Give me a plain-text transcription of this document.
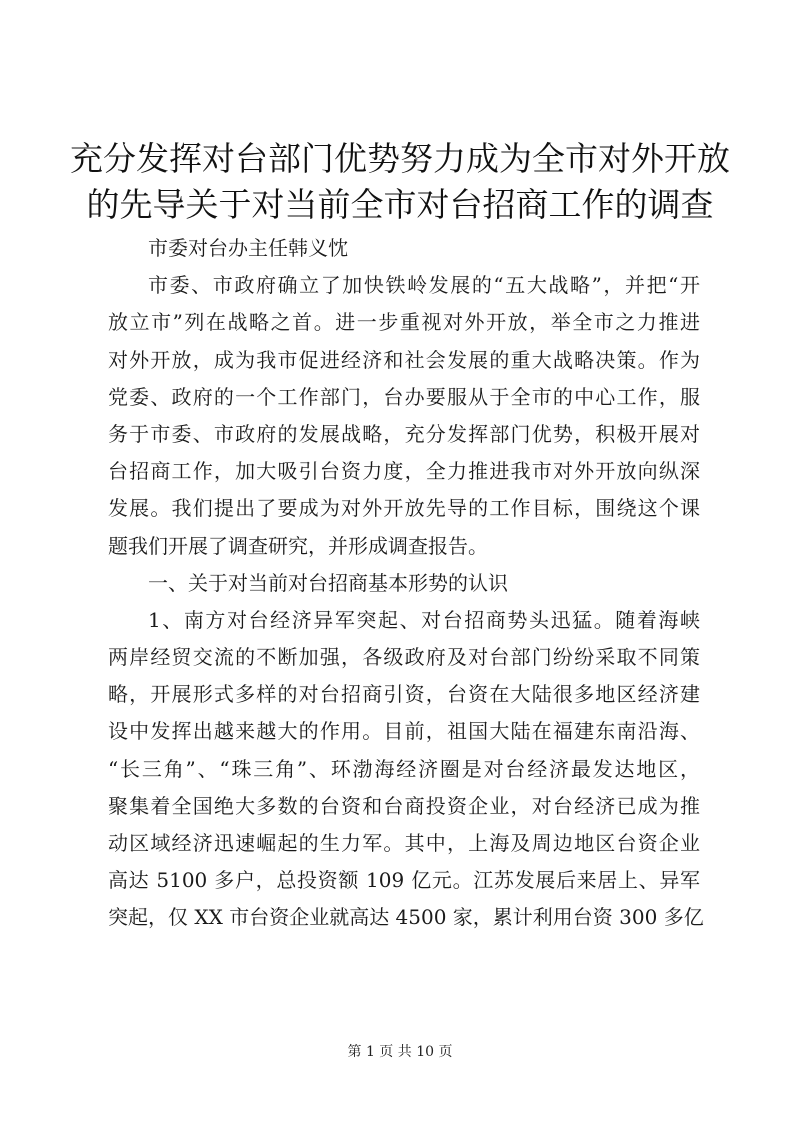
充分发挥对台部门优势努力成为全市对外开放
的先导关于对当前全市对台招商工作的调查

市委对台办主任韩义忱

市委、市政府确立了加快铁岭发展的“五大战略”，并把“开
放立市”列在战略之首。进一步重视对外开放，举全市之力推进
对外开放，成为我市促进经济和社会发展的重大战略决策。作为
党委、政府的一个工作部门，台办要服从于全市的中心工作，服
务于市委、市政府的发展战略，充分发挥部门优势，积极开展对
台招商工作，加大吸引台资力度，全力推进我市对外开放向纵深
发展。我们提出了要成为对外开放先导的工作目标，围绕这个课
题我们开展了调查研究，并形成调查报告。

一、关于对当前对台招商基本形势的认识

1、南方对台经济异军突起、对台招商势头迅猛。随着海峡
两岸经贸交流的不断加强，各级政府及对台部门纷纷采取不同策
略，开展形式多样的对台招商引资，台资在大陆很多地区经济建
设中发挥出越来越大的作用。目前，祖国大陆在福建东南沿海、
“长三角”、“珠三角”、环渤海经济圈是对台经济最发达地区，
聚集着全国绝大多数的台资和台商投资企业，对台经济已成为推
动区域经济迅速崛起的生力军。其中，上海及周边地区台资企业
高达 5100 多户，总投资额 109 亿元。江苏发展后来居上、异军
突起，仅 XX 市台资企业就高达 4500 家，累计利用台资 300 多亿

第 1 页 共 10 页
